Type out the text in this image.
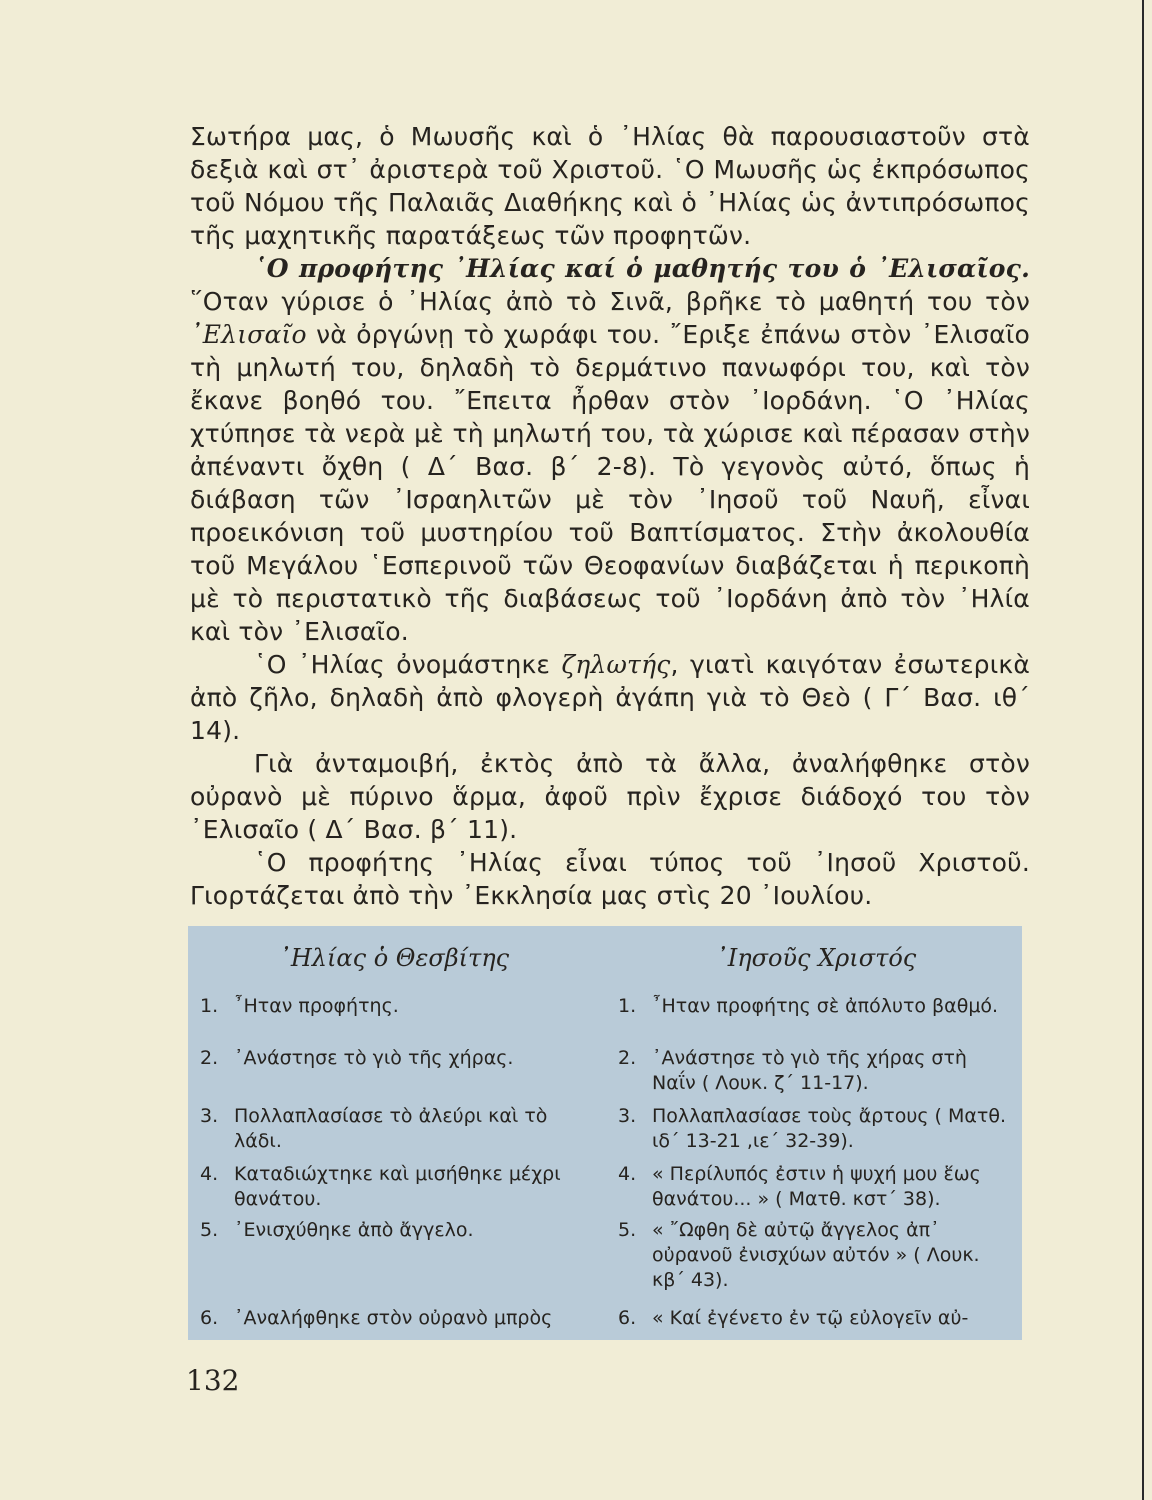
Σωτήρα μας, ὁ Μωυσῆς καὶ ὁ ᾿Ηλίας θὰ παρουσιαστοῦν στὰ δεξιὰ καὶ στ᾿ ἀριστερὰ τοῦ Χριστοῦ. ῾Ο Μωυσῆς ὡς ἐκπρόσωπος τοῦ Νόμου τῆς Παλαιᾶς Διαθήκης καὶ ὁ ᾿Ηλίας ὡς ἀντιπρόσωπος τῆς μαχητικῆς παρατάξεως τῶν προφητῶν.

῾Ο προφήτης ᾿Ηλίας καί ὁ μαθητής του ὁ ᾿Ελισαῖος. ῞Οταν γύρισε ὁ ᾿Ηλίας ἀπὸ τὸ Σινᾶ, βρῆκε τὸ μαθητή του τὸν ᾿Ελισαῖο νὰ ὀργώνῃ τὸ χωράφι του. ῎Εριξε ἐπάνω στὸν ᾿Ελισαῖο τὴ μηλωτή του, δηλαδὴ τὸ δερμάτινο πανωφόρι του, καὶ τὸν ἔκανε βοηθό του. ῎Επειτα ἦρθαν στὸν ᾿Ιορδάνη. ῾Ο ᾿Ηλίας χτύπησε τὰ νερὰ μὲ τὴ μηλωτή του, τὰ χώρισε καὶ πέρασαν στὴν ἀπέναντι ὄχθη ( Δ΄ Βασ. β΄ 2-8). Τὸ γεγονὸς αὐτό, ὅπως ἡ διάβαση τῶν ᾿Ισραηλιτῶν μὲ τὸν ᾿Ιησοῦ τοῦ Ναυῆ, εἶναι προεικόνιση τοῦ μυστηρίου τοῦ Βαπτίσματος. Στὴν ἀκολουθία τοῦ Μεγάλου ῾Εσπερινοῦ τῶν Θεοφανίων διαβάζεται ἡ περικοπὴ μὲ τὸ περιστατικὸ τῆς διαβάσεως τοῦ ᾿Ιορδάνη ἀπὸ τὸν ᾿Ηλία καὶ τὸν ᾿Ελισαῖο.

῾Ο ᾿Ηλίας ὀνομάστηκε ζηλωτής, γιατὶ καιγόταν ἐσωτερικὰ ἀπὸ ζῆλο, δηλαδὴ ἀπὸ φλογερὴ ἀγάπη γιὰ τὸ Θεὸ ( Γ΄ Βασ. ιθ΄ 14).

Γιὰ ἀνταμοιβή, ἐκτὸς ἀπὸ τὰ ἄλλα, ἀναλήφθηκε στὸν οὐρανὸ μὲ πύρινο ἅρμα, ἀφοῦ πρὶν ἔχρισε διάδοχό του τὸν ᾿Ελισαῖο ( Δ΄ Βασ. β΄ 11).

῾Ο προφήτης ᾿Ηλίας εἶναι τύπος τοῦ ᾿Ιησοῦ Χριστοῦ. Γιορτάζεται ἀπὸ τὴν ᾿Εκκλησία μας στὶς 20 ᾿Ιουλίου.

᾿Ηλίας ὁ Θεσβίτης
1. ῏Ηταν προφήτης.
2. ᾿Ανάστησε τὸ γιὸ τῆς χήρας.
3. Πολλαπλασίασε τὸ ἀλεύρι καὶ τὸ λάδι.
4. Καταδιώχτηκε καὶ μισήθηκε μέχρι θανάτου.
5. ᾿Ενισχύθηκε ἀπὸ ἄγγελο.
6. ᾿Αναλήφθηκε στὸν οὐρανὸ μπρὸς
᾿Ιησοῦς Χριστός
1. ῏Ηταν προφήτης σὲ ἀπόλυτο βαθμό.
2. ᾿Ανάστησε τὸ γιὸ τῆς χήρας στὴ Ναΐν ( Λουκ. ζ΄ 11-17).
3. Πολλαπλασίασε τοὺς ἄρτους ( Ματθ. ιδ΄ 13-21 ,ιε΄ 32-39).
4. « Περίλυπός ἐστιν ἡ ψυχή μου ἕως θανάτου... » ( Ματθ. κστ΄ 38).
5. « ῎Ωφθη δὲ αὐτῷ ἄγγελος ἀπ᾿ οὐρανοῦ ἐνισχύων αὐτόν » ( Λουκ. κβ΄ 43).
6. « Καί ἐγένετο ἐν τῷ εὐλογεῖν αὐ-
132
